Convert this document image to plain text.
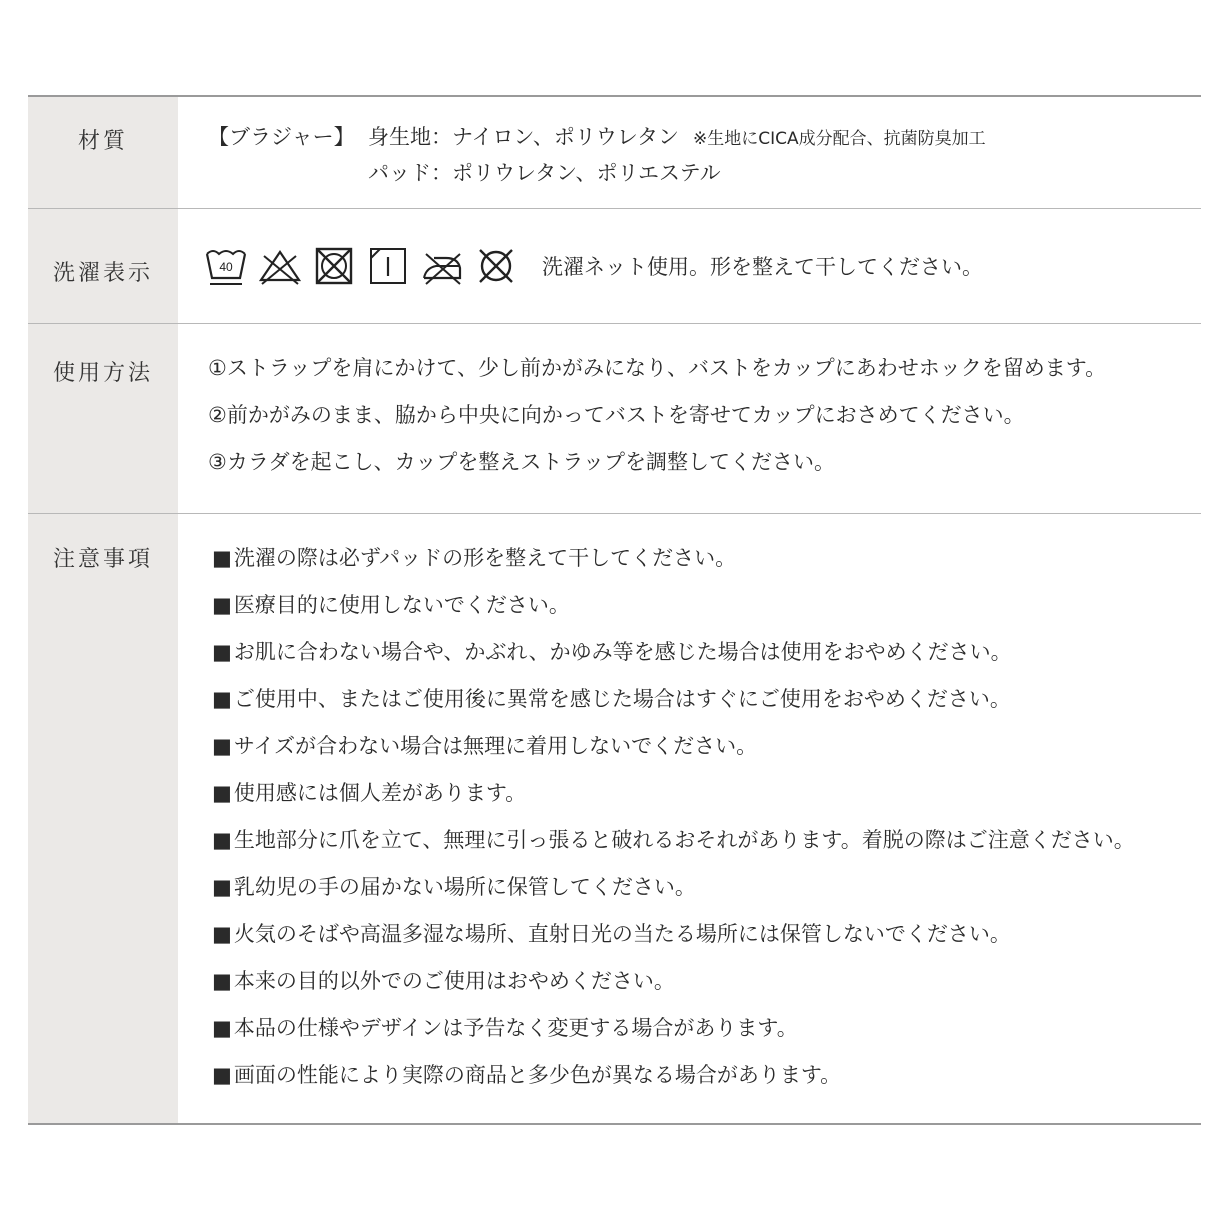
材質	【ブラジャー】 身生地：ナイロン、ポリウレタン ※生地にCICA成分配合、抗菌防臭加工
パッド：ポリウレタン、ポリエステル
洗濯表示	40	洗濯ネット使用。形を整えて干してください。
使用方法	①ストラップを肩にかけて、少し前かがみになり、バストをカップにあわせホックを留めます。
②前かがみのまま、脇から中央に向かってバストを寄せてカップにおさめてください。
③カラダを起こし、カップを整えストラップを調整してください。
注意事項
■	洗濯の際は必ずパッドの形を整えて干してください。
■ 医療目的に使用しないでください。
■ お肌に合わない場合や、かぶれ、かゆみ等を感じた場合は使用をおやめください。
■ ご使用中、またはご使用後に異常を感じた場合はすぐにご使用をおやめください。
■ サイズが合わない場合は無理に着用しないでください。
■ 使用感には個人差があります。
■ 生地部分に爪を立て、無理に引っ張ると破れるおそれがあります。着脱の際はご注意ください。
■ 乳幼児の手の届かない場所に保管してください。
■ 火気のそばや高温多湿な場所、直射日光の当たる場所には保管しないでください。
■ 本来の目的以外でのご使用はおやめください。
■ 本品の仕様やデザインは予告なく変更する場合があります。
■ 画面の性能により実際の商品と多少色が異なる場合があります。
